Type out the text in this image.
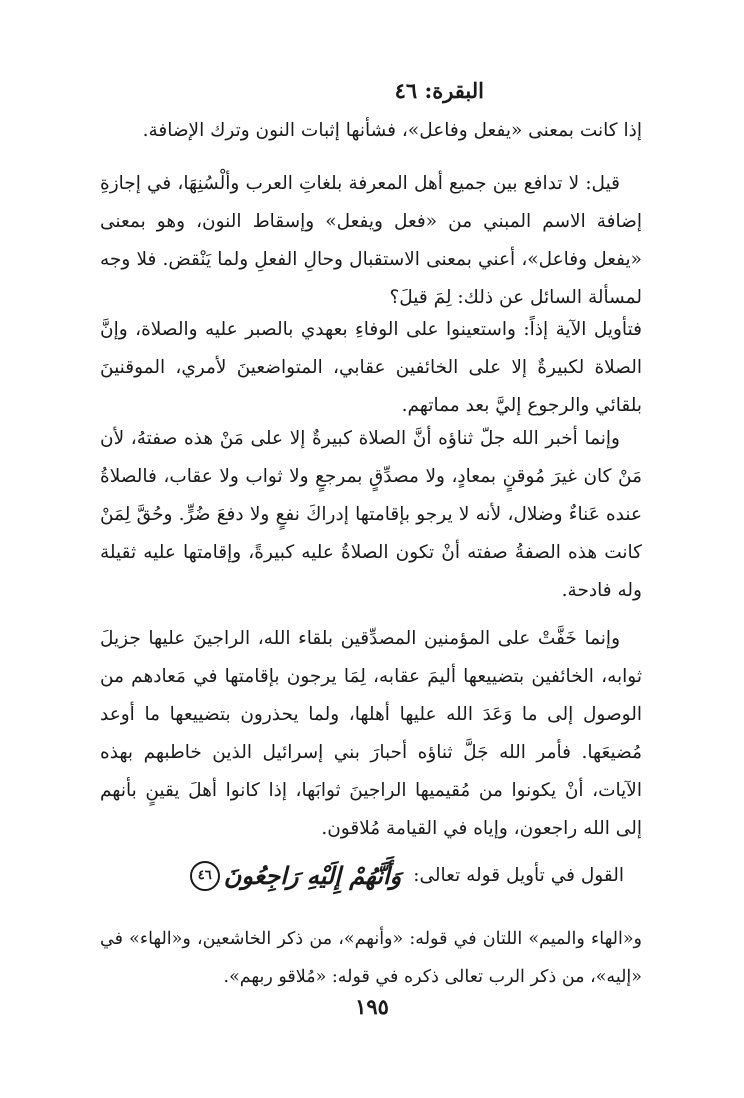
البقرة: ٤٦
إذا كانت بمعنى «يفعل وفاعل»، فشأنها إثبات النون وترك الإضافة.
قيل: لا تدافع بين جميع أهل المعرفة بلغاتِ العرب وألْسُنِهَا، في إجازةِ إضافة الاسم المبني من «فعل ويفعل» وإسقاط النون، وهو بمعنى «يفعل وفاعل»، أعني بمعنى الاستقبال وحالِ الفعلِ ولما يَنْقض. فلا وجه لمسألة السائل عن ذلك: لِمَ قيلَ؟
فتأويل الآية إذاً: واستعينوا على الوفاءِ بعهدي بالصبر عليه والصلاة، وإنَّ الصلاة لكبيرةٌ إلا على الخائفين عقابي، المتواضعينَ لأمري، الموقنينَ بلقائي والرجوع إليَّ بعد مماتهم.
وإنما أخبر الله جلّ ثناؤه أنَّ الصلاة كبيرةٌ إلا على مَنْ هذه صفتهُ، لأن مَنْ كان غيرَ مُوقنٍ بمعادٍ، ولا مصدِّقٍ بمرجعٍ ولا ثواب ولا عقاب، فالصلاةُ عنده عَناءٌ وضلال، لأنه لا يرجو بإقامتها إدراكَ نفعٍ ولا دفعَ ضُرٍّ. وحُقَّ لِمَنْ كانت هذه الصفةُ صفته أنْ تكون الصلاةُ عليه كبيرةً، وإقامتها عليه ثقيلة وله فادحة.
وإنما خَفَّتْ على المؤمنين المصدِّقين بلقاء الله، الراجينَ عليها جزيلَ ثوابه، الخائفين بتضييعها أليمَ عقابه، لِمَا يرجون بإقامتها في مَعادهم من الوصول إلى ما وَعَدَ الله عليها أهلها، ولما يحذرون بتضييعها ما أوعد مُضيعَها. فأمر الله جَلَّ ثناؤه أحبارَ بني إسرائيل الذين خاطبهم بهذه الآيات، أنْ يكونوا من مُقيميها الراجينَ ثوابَها، إذا كانوا أهلَ يقينٍ بأنهم إلى الله راجعون، وإياه في القيامة مُلاقون.
القول في تأويل قوله تعالى:
وَأَنَّهُمْ إِلَيْهِ رَاجِعُونَ
٤٦
و«الهاء والميم» اللتان في قوله: «وأنهم»، من ذكر الخاشعين، و«الهاء» في «إليه»، من ذكر الرب تعالى ذكره في قوله: «مُلاقو ربهم».
١٩٥
